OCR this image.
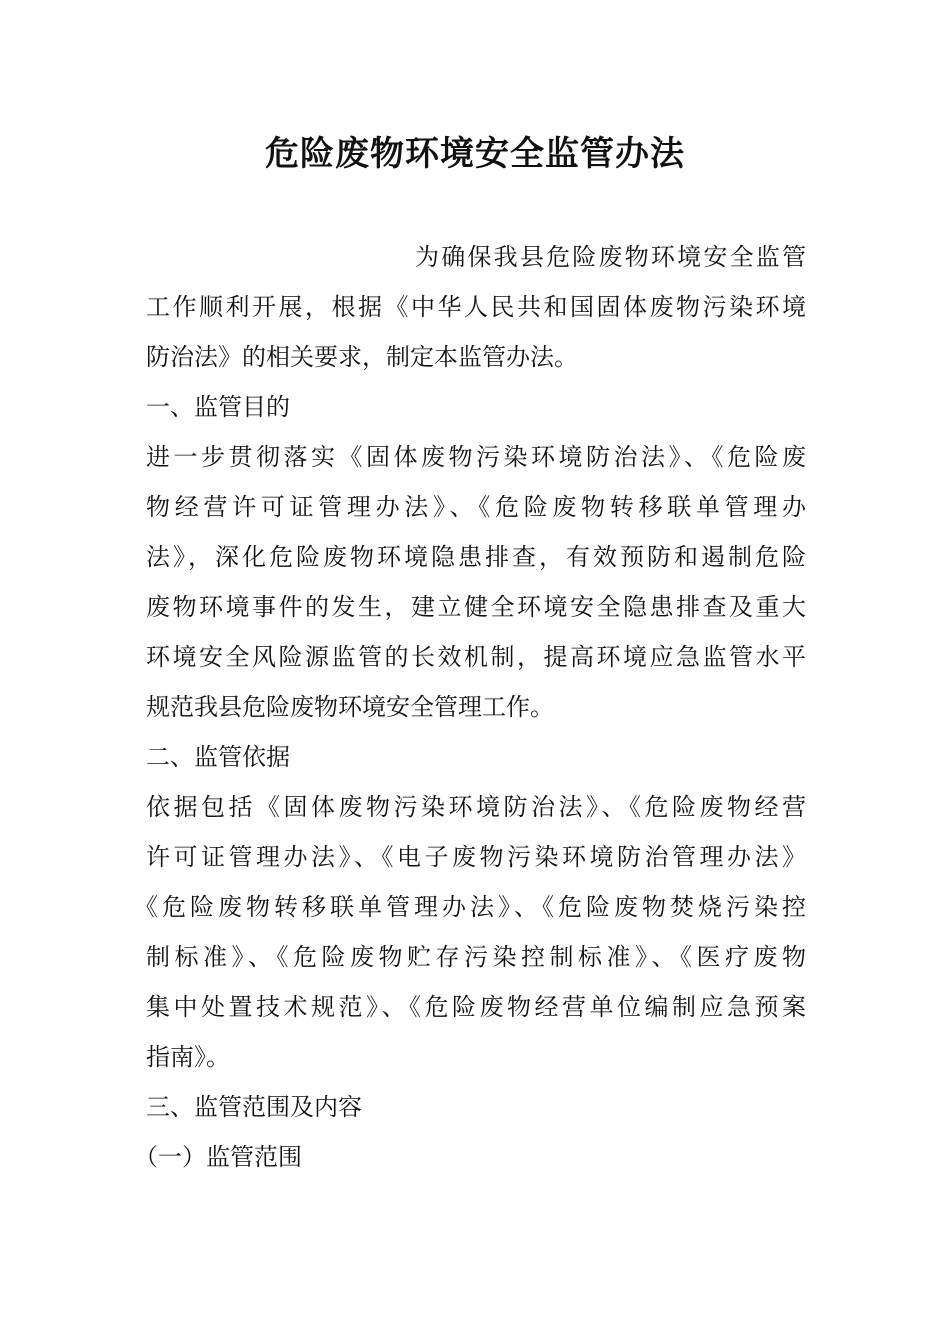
危险废物环境安全监管办法
为确保我县危险废物环境安全监管
工作顺利开展，根据《中华人民共和国固体废物污染环境
防治法》的相关要求，制定本监管办法。
一、监管目的
进一步贯彻落实《固体废物污染环境防治法》、《危险废
物经营许可证管理办法》、《危险废物转移联单管理办
法》，深化危险废物环境隐患排查，有效预防和遏制危险
废物环境事件的发生，建立健全环境安全隐患排查及重大
环境安全风险源监管的长效机制，提高环境应急监管水平
规范我县危险废物环境安全管理工作。
二、监管依据
依据包括《固体废物污染环境防治法》、《危险废物经营
许可证管理办法》、《电子废物污染环境防治管理办法》
《危险废物转移联单管理办法》、《危险废物焚烧污染控
制标准》、《危险废物贮存污染控制标准》、《医疗废物
集中处置技术规范》、《危险废物经营单位编制应急预案
指南》。
三、监管范围及内容
（一）监管范围
